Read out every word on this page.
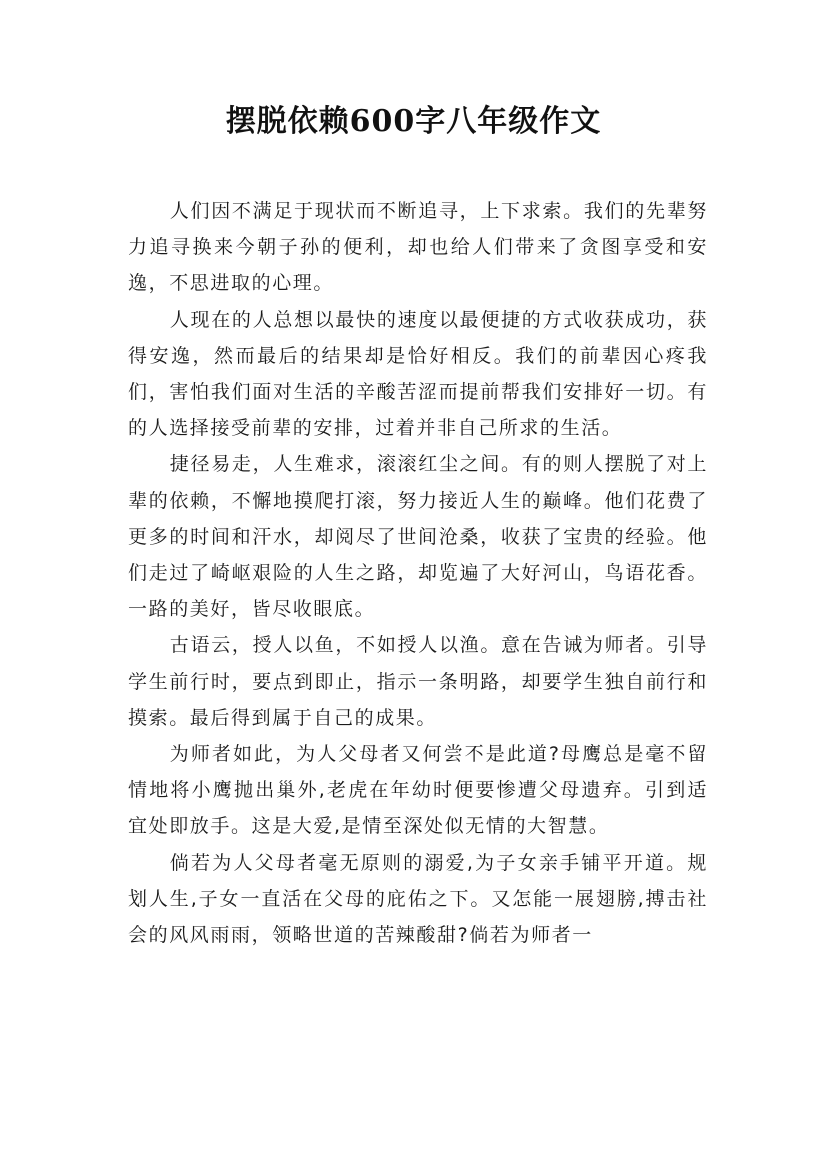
摆脱依赖600字八年级作文

人们因不满足于现状而不断追寻，上下求索。我们的先辈努力追寻换来今朝子孙的便利，却也给人们带来了贪图享受和安逸，不思进取的心理。

人现在的人总想以最快的速度以最便捷的方式收获成功，获得安逸，然而最后的结果却是恰好相反。我们的前辈因心疼我们，害怕我们面对生活的辛酸苦涩而提前帮我们安排好一切。有的人选择接受前辈的安排，过着并非自己所求的生活。

捷径易走，人生难求，滚滚红尘之间。有的则人摆脱了对上辈的依赖，不懈地摸爬打滚，努力接近人生的巅峰。他们花费了更多的时间和汗水，却阅尽了世间沧桑，收获了宝贵的经验。他们走过了崎岖艰险的人生之路，却览遍了大好河山，鸟语花香。一路的美好，皆尽收眼底。

古语云，授人以鱼，不如授人以渔。意在告诫为师者。引导学生前行时，要点到即止，指示一条明路，却要学生独自前行和摸索。最后得到属于自己的成果。

为师者如此，为人父母者又何尝不是此道?母鹰总是毫不留情地将小鹰抛出巢外,老虎在年幼时便要惨遭父母遗弃。引到适宜处即放手。这是大爱,是情至深处似无情的大智慧。

倘若为人父母者毫无原则的溺爱,为子女亲手铺平开道。规划人生,子女一直活在父母的庇佑之下。又怎能一展翅膀,搏击社会的风风雨雨，领略世道的苦辣酸甜?倘若为师者一
